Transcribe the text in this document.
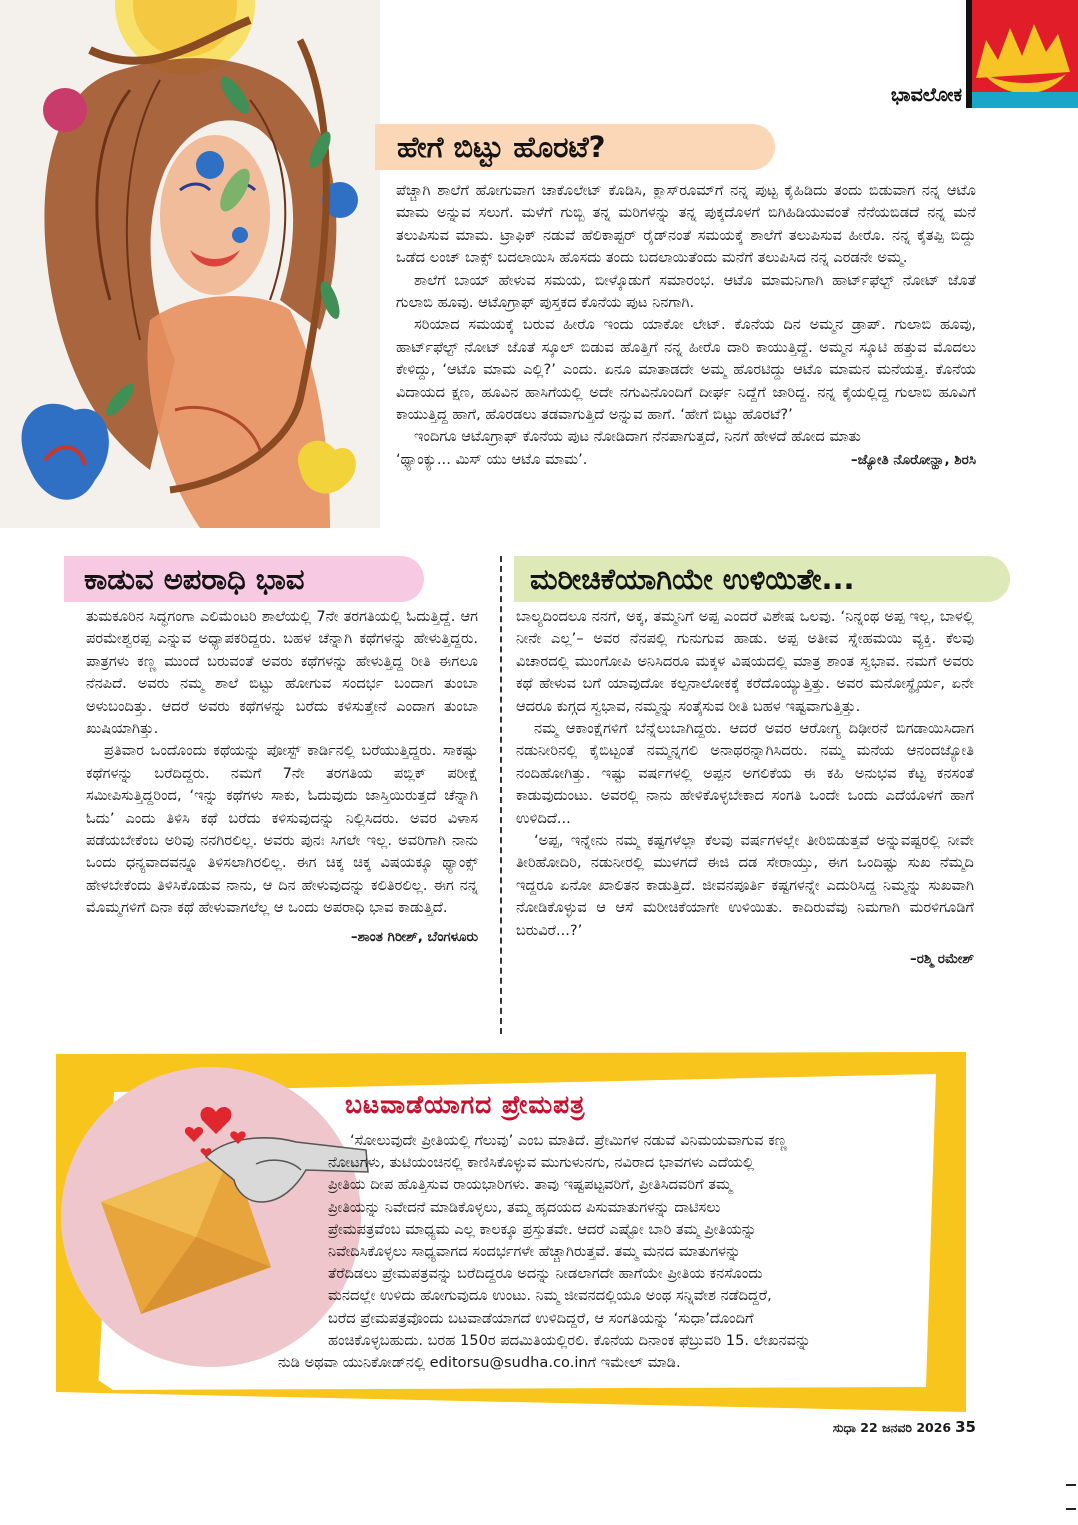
ಭಾವಲೋಕ
ಹೇಗೆ ಬಿಟ್ಟು ಹೊರಟೆ?

ಪೆಚ್ಚಾಗಿ ಶಾಲೆಗೆ ಹೋಗುವಾಗ ಚಾಕೊಲೇಟ್ ಕೊಡಿಸಿ, ಕ್ಲಾಸ್‌ರೂಮ್‌ಗೆ ನನ್ನ ಪುಟ್ಟ ಕೈಹಿಡಿದು ತಂದು ಬಿಡುವಾಗ ನನ್ನ ಆಟೊ ಮಾಮ ಅನ್ನುವ ಸಲುಗೆ. ಮಳೆಗೆ ಗುಬ್ಬಿ ತನ್ನ ಮರಿಗಳನ್ನು ತನ್ನ ಪುಕ್ಕದೊಳಗೆ ಬಿಗಿಹಿಡಿಯುವಂತೆ ನೆನೆಯಬಿಡದೆ ನನ್ನ ಮನೆ ತಲುಪಿಸುವ ಮಾಮ. ಟ್ರಾಫಿಕ್ ನಡುವೆ ಹೆಲಿಕಾಪ್ಟರ್ ರೈಡ್‌ನಂತೆ ಸಮಯಕ್ಕೆ ಶಾಲೆಗೆ ತಲುಪಿಸುವ ಹೀರೊ. ನನ್ನ ಕೈತಪ್ಪಿ ಬಿದ್ದು ಒಡೆದ ಲಂಚ್ ಬಾಕ್ಸ್ ಬದಲಾಯಿಸಿ ಹೊಸದು ತಂದು ಬದಲಾಯಿತೆಂದು ಮನೆಗೆ ತಲುಪಿಸಿದ ನನ್ನ ಎರಡನೇ ಅಮ್ಮ.

ಶಾಲೆಗೆ ಬಾಯ್ ಹೇಳುವ ಸಮಯ, ಬೀಳ್ಕೊಡುಗೆ ಸಮಾರಂಭ. ಆಟೊ ಮಾಮನಿಗಾಗಿ ಹಾರ್ಟ್‌ಫೆಲ್ಟ್ ನೋಟ್ ಜೊತೆ ಗುಲಾಬಿ ಹೂವು. ಆಟೊಗ್ರಾಫ್ ಪುಸ್ತಕದ ಕೊನೆಯ ಪುಟ ನಿನಗಾಗಿ.

ಸರಿಯಾದ ಸಮಯಕ್ಕೆ ಬರುವ ಹೀರೊ ಇಂದು ಯಾಕೋ ಲೇಟ್. ಕೊನೆಯ ದಿನ ಅಮ್ಮನ ಡ್ರಾಪ್. ಗುಲಾಬಿ ಹೂವು, ಹಾರ್ಟ್‌ಫೆಲ್ಟ್ ನೋಟ್ ಜೊತೆ ಸ್ಕೂಲ್ ಬಿಡುವ ಹೊತ್ತಿಗೆ ನನ್ನ ಹೀರೊ ದಾರಿ ಕಾಯುತ್ತಿದ್ದೆ. ಅಮ್ಮನ ಸ್ಕೂಟಿ ಹತ್ತುವ ಮೊದಲು ಕೇಳಿದ್ದು, ‘ಆಟೊ ಮಾಮ ಎಲ್ಲಿ?’ ಎಂದು. ಏನೂ ಮಾತಾಡದೇ ಅಮ್ಮ ಹೊರಟಿದ್ದು ಆಟೊ ಮಾಮನ ಮನೆಯತ್ತ. ಕೊನೆಯ ವಿದಾಯದ ಕ್ಷಣ, ಹೂವಿನ ಹಾಸಿಗೆಯಲ್ಲಿ ಅದೇ ನಗುವಿನೊಂದಿಗೆ ದೀರ್ಘ ನಿದ್ದೆಗೆ ಜಾರಿದ್ದ. ನನ್ನ ಕೈಯಲ್ಲಿದ್ದ ಗುಲಾಬಿ ಹೂವಿಗೆ ಕಾಯುತ್ತಿದ್ದ ಹಾಗೆ, ಹೊರಡಲು ತಡವಾಗುತ್ತಿದೆ ಅನ್ನುವ ಹಾಗೆ. ‘ಹೇಗೆ ಬಿಟ್ಟು ಹೊರಟೆ?’

ಇಂದಿಗೂ ಆಟೊಗ್ರಾಫ್ ಕೊನೆಯ ಪುಟ ನೋಡಿದಾಗ ನೆನಪಾಗುತ್ತದೆ, ನಿನಗೆ ಹೇಳದೆ ಹೋದ ಮಾತು

‘ಥ್ಯಾಂಕ್ಯು... ಮಿಸ್ ಯು ಆಟೊ ಮಾಮ’.	–ಜ್ಯೋತಿ ನೊರೋನ್ಹಾ, ಶಿರಸಿ
ಕಾಡುವ ಅಪರಾಧಿ ಭಾವ

ತುಮಕೂರಿನ ಸಿದ್ಧಗಂಗಾ ಎಲಿಮೆಂಟರಿ ಶಾಲೆಯಲ್ಲಿ 7ನೇ ತರಗತಿಯಲ್ಲಿ ಓದುತ್ತಿದ್ದೆ. ಆಗ ಪರಮೇಶ್ವರಪ್ಪ ಎನ್ನುವ ಅಧ್ಯಾಪಕರಿದ್ದರು. ಬಹಳ ಚೆನ್ನಾಗಿ ಕಥೆಗಳನ್ನು ಹೇಳುತ್ತಿದ್ದರು. ಪಾತ್ರಗಳು ಕಣ್ಣ ಮುಂದೆ ಬರುವಂತೆ ಅವರು ಕಥೆಗಳನ್ನು ಹೇಳುತ್ತಿದ್ದ ರೀತಿ ಈಗಲೂ ನೆನಪಿದೆ. ಅವರು ನಮ್ಮ ಶಾಲೆ ಬಿಟ್ಟು ಹೋಗುವ ಸಂದರ್ಭ ಬಂದಾಗ ತುಂಬಾ ಅಳುಬಂದಿತ್ತು. ಆದರೆ ಅವರು ಕಥೆಗಳನ್ನು ಬರೆದು ಕಳಿಸುತ್ತೇನೆ ಎಂದಾಗ ತುಂಬಾ ಖುಷಿಯಾಗಿತ್ತು.

ಪ್ರತಿವಾರ ಒಂದೊಂದು ಕಥೆಯನ್ನು ಪೋಸ್ಟ್ ಕಾರ್ಡಿನಲ್ಲಿ ಬರೆಯುತ್ತಿದ್ದರು. ಸಾಕಷ್ಟು ಕಥೆಗಳನ್ನು ಬರೆದಿದ್ದರು. ನಮಗೆ 7ನೇ ತರಗತಿಯ ಪಬ್ಲಿಕ್ ಪರೀಕ್ಷೆ ಸಮೀಪಿಸುತ್ತಿದ್ದರಿಂದ, ‘ಇನ್ನು ಕಥೆಗಳು ಸಾಕು, ಓದುವುದು ಜಾಸ್ತಿಯಿರುತ್ತದೆ ಚೆನ್ನಾಗಿ ಓದು’ ಎಂದು ತಿಳಿಸಿ ಕಥೆ ಬರೆದು ಕಳಿಸುವುದನ್ನು ನಿಲ್ಲಿಸಿದರು. ಅವರ ವಿಳಾಸ ಪಡೆಯಬೇಕೆಂಬ ಅರಿವು ನನಗಿರಲಿಲ್ಲ. ಅವರು ಪುನಃ ಸಿಗಲೇ ಇಲ್ಲ. ಅವರಿಗಾಗಿ ನಾನು ಒಂದು ಧನ್ಯವಾದವನ್ನೂ ತಿಳಿಸಲಾಗಿರಲಿಲ್ಲ. ಈಗ ಚಿಕ್ಕ ಚಿಕ್ಕ ವಿಷಯಕ್ಕೂ ಥ್ಯಾಂಕ್ಸ್ ಹೇಳಬೇಕೆಂದು ತಿಳಿಸಿಕೊಡುವ ನಾನು, ಆ ದಿನ ಹೇಳುವುದನ್ನು ಕಲಿತಿರಲಿಲ್ಲ. ಈಗ ನನ್ನ ಮೊಮ್ಮಗಳಿಗೆ ದಿನಾ ಕಥೆ ಹೇಳುವಾಗಲೆಲ್ಲ ಆ ಒಂದು ಅಪರಾಧಿ ಭಾವ ಕಾಡುತ್ತಿದೆ.

–ಶಾಂತ ಗಿರೀಶ್, ಬೆಂಗಳೂರು
ಮರೀಚಿಕೆಯಾಗಿಯೇ ಉಳಿಯಿತೇ...

ಬಾಲ್ಯದಿಂದಲೂ ನನಗೆ, ಅಕ್ಕ, ತಮ್ಮನಿಗೆ ಅಪ್ಪ ಎಂದರೆ ವಿಶೇಷ ಒಲವು. ‘ನಿನ್ನಂಥ ಅಪ್ಪ ಇಲ್ಲ, ಬಾಳಲ್ಲಿ ನೀನೇ ಎಲ್ಲ’– ಅವರ ನೆನಪಲ್ಲಿ ಗುನುಗುವ ಹಾಡು. ಅಪ್ಪ ಅತೀವ ಸ್ನೇಹಮಯಿ ವ್ಯಕ್ತಿ. ಕೆಲವು ವಿಚಾರದಲ್ಲಿ ಮುಂಗೋಪಿ ಅನಿಸಿದರೂ ಮಕ್ಕಳ ವಿಷಯದಲ್ಲಿ ಮಾತ್ರ ಶಾಂತ ಸ್ವಭಾವ. ನಮಗೆ ಅವರು ಕಥೆ ಹೇಳುವ ಬಗೆ ಯಾವುದೋ ಕಲ್ಪನಾಲೋಕಕ್ಕೆ ಕರೆದೊಯ್ಯುತ್ತಿತ್ತು. ಅವರ ಮನೋಸ್ಥೈರ್ಯ, ಏನೇ ಆದರೂ ಕುಗ್ಗದ ಸ್ವಭಾವ, ನಮ್ಮನ್ನು ಸಂತೈಸುವ ರೀತಿ ಬಹಳ ಇಷ್ಟವಾಗುತ್ತಿತ್ತು.

ನಮ್ಮ ಆಕಾಂಕ್ಷೆಗಳಿಗೆ ಬೆನ್ನೆಲುಬಾಗಿದ್ದರು. ಆದರೆ ಅವರ ಆರೋಗ್ಯ ದಿಢೀರನೆ ಬಿಗಡಾಯಿಸಿದಾಗ ನಡುನೀರಿನಲ್ಲಿ ಕೈಬಿಟ್ಟಂತೆ ನಮ್ಮನ್ನಗಲಿ ಅನಾಥರನ್ನಾಗಿಸಿದರು. ನಮ್ಮ ಮನೆಯ ಆನಂದಜ್ಯೋತಿ ನಂದಿಹೋಗಿತ್ತು. ಇಷ್ಟು ವರ್ಷಗಳಲ್ಲಿ ಅಪ್ಪನ ಅಗಲಿಕೆಯ ಈ ಕಹಿ ಅನುಭವ ಕೆಟ್ಟ ಕನಸಂತೆ ಕಾಡುವುದುಂಟು. ಅವರಲ್ಲಿ ನಾನು ಹೇಳಿಕೊಳ್ಳಬೇಕಾದ ಸಂಗತಿ ಒಂದೇ ಒಂದು ಎದೆಯೊಳಗೆ ಹಾಗೆ ಉಳಿದಿದೆ...

‘ಅಪ್ಪ, ಇನ್ನೇನು ನಮ್ಮ ಕಷ್ಟಗಳೆಲ್ಲಾ ಕೆಲವು ವರ್ಷಗಳಲ್ಲೇ ತೀರಿಬಿಡುತ್ತವೆ ಅನ್ನುವಷ್ಟರಲ್ಲಿ ನೀವೇ ತೀರಿಹೋದಿರಿ, ನಡುನೀರಲ್ಲಿ ಮುಳಗದೆ ಈಜಿ ದಡ ಸೇರಾಯ್ತು, ಈಗ ಒಂದಿಷ್ಟು ಸುಖ ನೆಮ್ಮದಿ ಇದ್ದರೂ ಏನೋ ಖಾಲಿತನ ಕಾಡುತ್ತಿದೆ. ಜೀವನಪೂರ್ತಿ ಕಷ್ಟಗಳನ್ನೇ ಎದುರಿಸಿದ್ದ ನಿಮ್ಮನ್ನು ಸುಖವಾಗಿ ನೋಡಿಕೊಳ್ಳುವ ಆ ಆಸೆ ಮರೀಚಿಕೆಯಾಗೇ ಉಳಿಯಿತು. ಕಾದಿರುವೆವು ನಿಮಗಾಗಿ ಮರಳಿಗೂಡಿಗೆ ಬರುವಿರೆ...?’

–ರಶ್ಮಿ ರಮೇಶ್
ಬಟವಾಡೆಯಾಗದ ಪ್ರೇಮಪತ್ರ
‘ಸೋಲುವುದೇ ಪ್ರೀತಿಯಲ್ಲಿ ಗೆಲುವು’ ಎಂಬ ಮಾತಿದೆ. ಪ್ರೇಮಿಗಳ ನಡುವೆ ವಿನಿಮಯವಾಗುವ ಕಣ್ಣ
ನೋಟಗಳು, ತುಟಿಯಂಚಿನಲ್ಲಿ ಕಾಣಿಸಿಕೊಳ್ಳುವ ಮುಗುಳುನಗು, ನವಿರಾದ ಭಾವಗಳು ಎದೆಯಲ್ಲಿ
ಪ್ರೀತಿಯ ದೀಪ ಹೊತ್ತಿಸುವ ರಾಯಭಾರಿಗಳು. ತಾವು ಇಷ್ಟಪಟ್ಟವರಿಗೆ, ಪ್ರೀತಿಸಿದವರಿಗೆ ತಮ್ಮ
ಪ್ರೀತಿಯನ್ನು ನಿವೇದನೆ ಮಾಡಿಕೊಳ್ಳಲು, ತಮ್ಮ ಹೃದಯದ ಪಿಸುಮಾತುಗಳನ್ನು ದಾಟಿಸಲು
ಪ್ರೇಮಪತ್ರವೆಂಬ ಮಾಧ್ಯಮ ಎಲ್ಲ ಕಾಲಕ್ಕೂ ಪ್ರಸ್ತುತವೇ. ಆದರೆ ಎಷ್ಟೋ ಬಾರಿ ತಮ್ಮ ಪ್ರೀತಿಯನ್ನು
ನಿವೇದಿಸಿಕೊಳ್ಳಲು ಸಾಧ್ಯವಾಗದ ಸಂದರ್ಭಗಳೇ ಹೆಚ್ಚಾಗಿರುತ್ತವೆ. ತಮ್ಮ ಮನದ ಮಾತುಗಳನ್ನು
ತೆರೆದಿಡಲು ಪ್ರೇಮಪತ್ರವನ್ನು ಬರೆದಿದ್ದರೂ ಅದನ್ನು ನೀಡಲಾಗದೇ ಹಾಗೆಯೇ ಪ್ರೀತಿಯ ಕನಸೊಂದು
ಮನದಲ್ಲೇ ಉಳಿದು ಹೋಗುವುದೂ ಉಂಟು. ನಿಮ್ಮ ಜೀವನದಲ್ಲಿಯೂ ಅಂಥ ಸನ್ನಿವೇಶ ನಡೆದಿದ್ದರೆ,
ಬರೆದ ಪ್ರೇಮಪತ್ರವೊಂದು ಬಟವಾಡೆಯಾಗದೆ ಉಳಿದಿದ್ದರೆ, ಆ ಸಂಗತಿಯನ್ನು ‘ಸುಧಾ’ದೊಂದಿಗೆ
ಹಂಚಿಕೊಳ್ಳಬಹುದು. ಬರಹ 150ರ ಪದಮಿತಿಯಲ್ಲಿರಲಿ. ಕೊನೆಯ ದಿನಾಂಕ ಫೆಬ್ರುವರಿ 15. ಲೇಖನವನ್ನು
ನುಡಿ ಅಥವಾ ಯುನಿಕೋಡ್‌ನಲ್ಲಿ editorsu@sudha.co.inಗೆ ಇಮೇಲ್ ಮಾಡಿ.
ಸುಧಾ 22 ಜನವರಿ 2026 35
